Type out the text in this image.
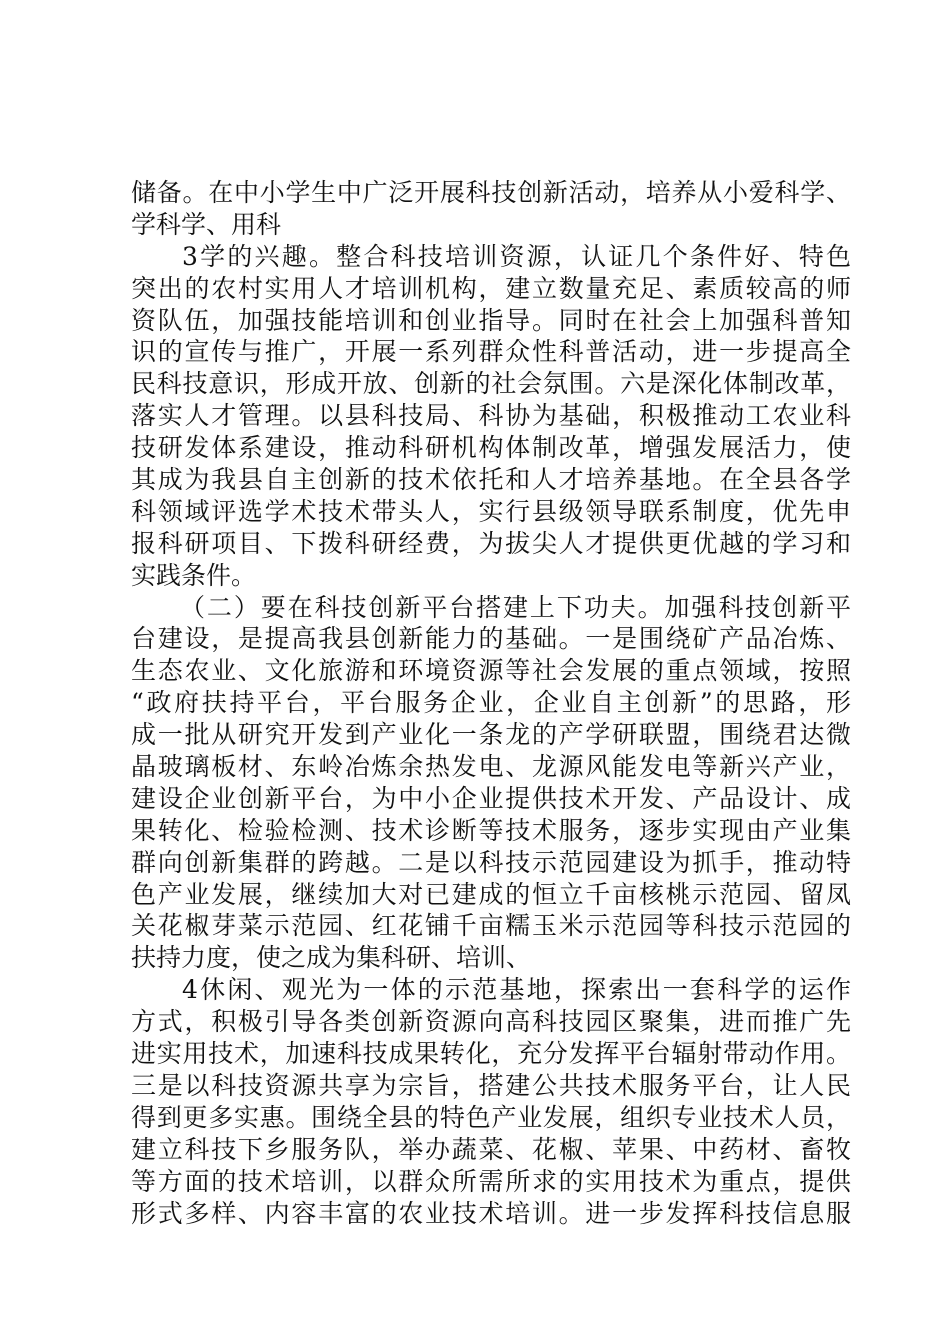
储备。在中小学生中广泛开展科技创新活动，培养从小爱科学、
学科学、用科
3学的兴趣。整合科技培训资源，认证几个条件好、特色
突出的农村实用人才培训机构，建立数量充足、素质较高的师
资队伍，加强技能培训和创业指导。同时在社会上加强科普知
识的宣传与推广，开展一系列群众性科普活动，进一步提高全
民科技意识，形成开放、创新的社会氛围。六是深化体制改革，
落实人才管理。以县科技局、科协为基础，积极推动工农业科
技研发体系建设，推动科研机构体制改革，增强发展活力，使
其成为我县自主创新的技术依托和人才培养基地。在全县各学
科领域评选学术技术带头人，实行县级领导联系制度，优先申
报科研项目、下拨科研经费，为拔尖人才提供更优越的学习和
实践条件。
（二）要在科技创新平台搭建上下功夫。加强科技创新平
台建设，是提高我县创新能力的基础。一是围绕矿产品冶炼、
生态农业、文化旅游和环境资源等社会发展的重点领域，按照
“政府扶持平台，平台服务企业，企业自主创新”的思路，形
成一批从研究开发到产业化一条龙的产学研联盟，围绕君达微
晶玻璃板材、东岭冶炼余热发电、龙源风能发电等新兴产业，
建设企业创新平台，为中小企业提供技术开发、产品设计、成
果转化、检验检测、技术诊断等技术服务，逐步实现由产业集
群向创新集群的跨越。二是以科技示范园建设为抓手，推动特
色产业发展，继续加大对已建成的恒立千亩核桃示范园、留凤
关花椒芽菜示范园、红花铺千亩糯玉米示范园等科技示范园的
扶持力度，使之成为集科研、培训、
4休闲、观光为一体的示范基地，探索出一套科学的运作
方式，积极引导各类创新资源向高科技园区聚集，进而推广先
进实用技术，加速科技成果转化，充分发挥平台辐射带动作用。
三是以科技资源共享为宗旨，搭建公共技术服务平台，让人民
得到更多实惠。围绕全县的特色产业发展，组织专业技术人员，
建立科技下乡服务队，举办蔬菜、花椒、苹果、中药材、畜牧
等方面的技术培训，以群众所需所求的实用技术为重点，提供
形式多样、内容丰富的农业技术培训。进一步发挥科技信息服
